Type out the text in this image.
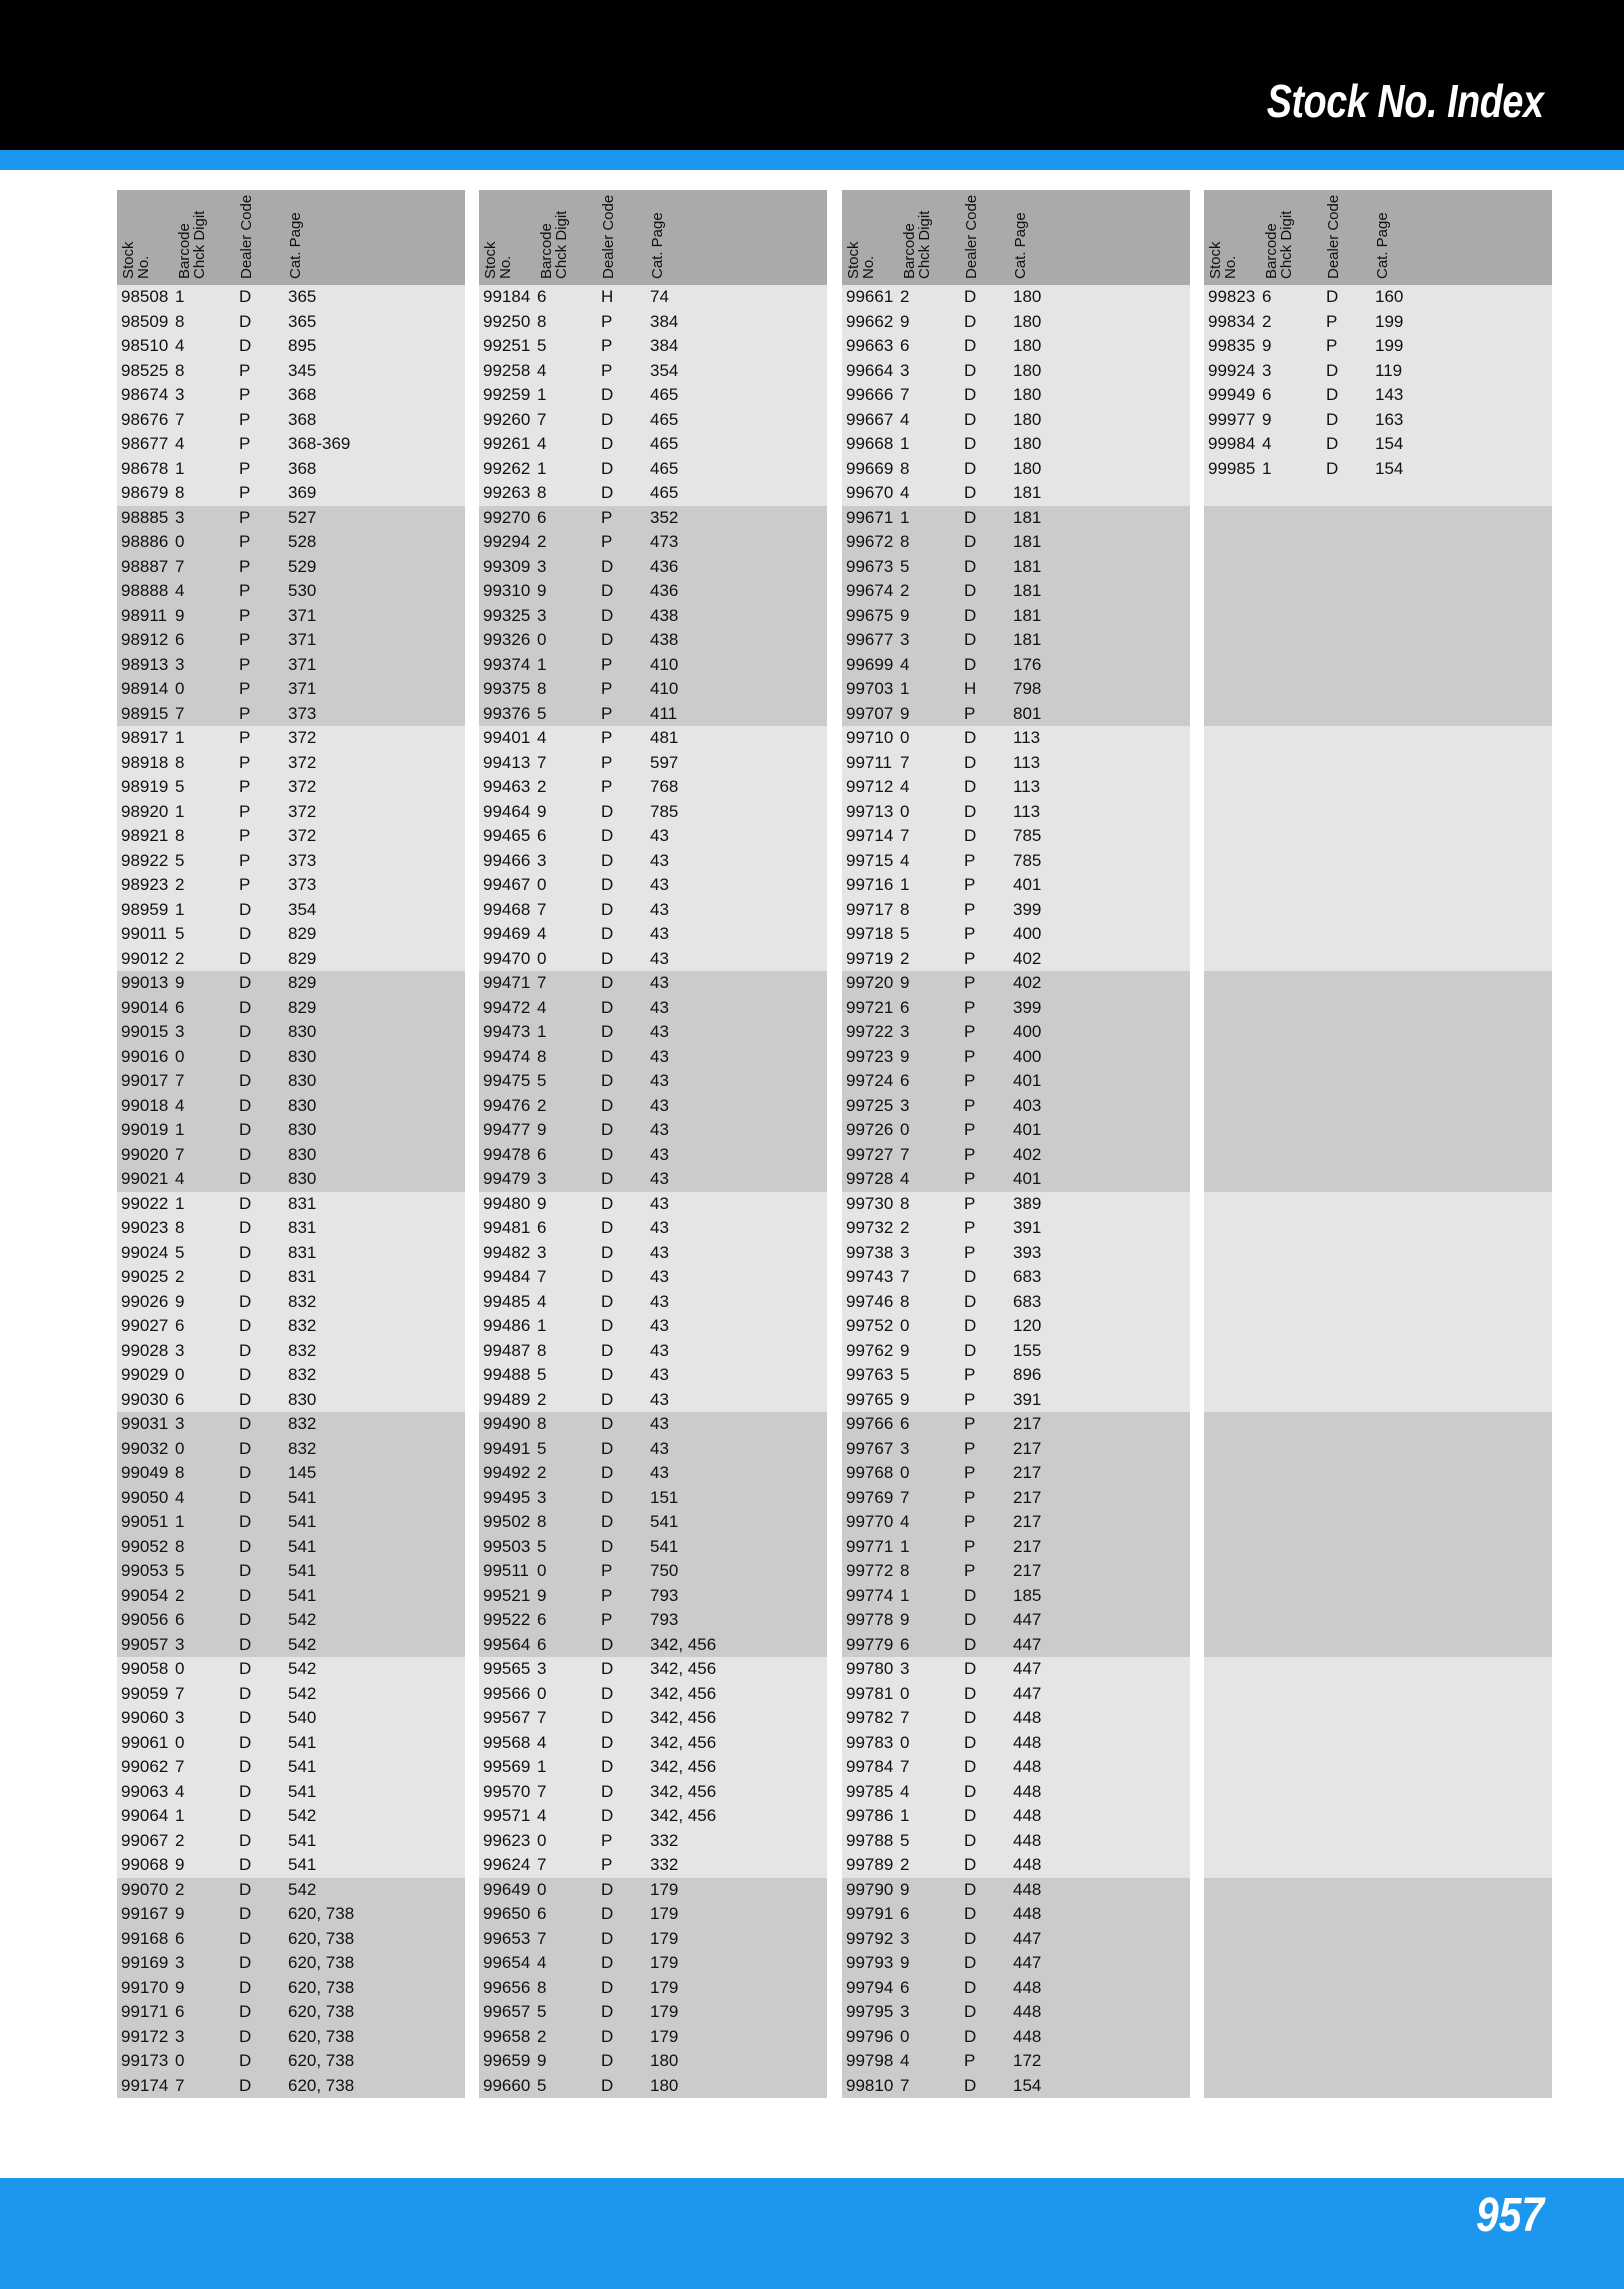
Stock No. Index
Stock
No. Barcode
Chck Digit Dealer Code Cat. Page
98508 1	D 365
98509 8	D 365
98510 4	D 895
98525 8	P 345
98674 3	P 368
98676 7	P 368
98677 4	P 368-369
98678 1	P 368
98679 8	P 369
98885 3	P 527
98886 0	P 528
98887 7	P 529
98888 4	P 530
98911 9	P 371
98912 6	P 371
98913 3	P 371
98914 0	P 371
98915 7	P 373
98917 1	P 372
98918 8	P 372
98919 5	P 372
98920 1	P 372
98921 8	P 372
98922 5	P 373
98923 2	P 373
98959 1	D 354
99011 5	D 829
99012 2	D 829
99013 9	D 829
99014 6	D 829
99015 3	D 830
99016 0	D 830
99017 7	D 830
99018 4	D 830
99019 1	D 830
99020 7	D 830
99021 4	D 830
99022 1	D 831
99023 8	D 831
99024 5	D 831
99025 2	D 831
99026 9	D 832
99027 6	D 832
99028 3	D 832
99029 0	D 832
99030 6	D 830
99031 3	D 832
99032 0	D 832
99049 8	D 145
99050 4	D 541
99051 1	D 541
99052 8	D 541
99053 5	D 541
99054 2	D 541
99056 6	D 542
99057 3	D 542
99058 0	D 542
99059 7	D 542
99060 3	D 540
99061 0	D 541
99062 7	D 541
99063 4	D 541
99064 1	D 542
99067 2	D 541
99068 9	D 541
99070 2	D 542
99167 9	D 620, 738
99168 6	D 620, 738
99169 3	D 620, 738
99170 9	D 620, 738
99171 6	D 620, 738
99172 3	D 620, 738
99173 0	D 620, 738
99174 7	D 620, 738
Stock
No. Barcode
Chck Digit Dealer Code Cat. Page
99184 6	H 74
99250 8	P 384
99251 5	P 384
99258 4	P 354
99259 1	D 465
99260 7	D 465
99261 4	D 465
99262 1	D 465
99263 8	D 465
99270 6	P 352
99294 2	P 473
99309 3	D 436
99310 9	D 436
99325 3	D 438
99326 0	D 438
99374 1	P 410
99375 8	P 410
99376 5	P 411
99401 4	P 481
99413 7	P 597
99463 2	P 768
99464 9	D 785
99465 6	D 43
99466 3	D 43
99467 0	D 43
99468 7	D 43
99469 4	D 43
99470 0	D 43
99471 7	D 43
99472 4	D 43
99473 1	D 43
99474 8	D 43
99475 5	D 43
99476 2	D 43
99477 9	D 43
99478 6	D 43
99479 3	D 43
99480 9	D 43
99481 6	D 43
99482 3	D 43
99484 7	D 43
99485 4	D 43
99486 1	D 43
99487 8	D 43
99488 5	D 43
99489 2	D 43
99490 8	D 43
99491 5	D 43
99492 2	D 43
99495 3	D 151
99502 8	D 541
99503 5	D 541
99511 0	P 750
99521 9	P 793
99522 6	P 793
99564 6	D 342, 456
99565 3	D 342, 456
99566 0	D 342, 456
99567 7	D 342, 456
99568 4	D 342, 456
99569 1	D 342, 456
99570 7	D 342, 456
99571 4	D 342, 456
99623 0	P 332
99624 7	P 332
99649 0	D 179
99650 6	D 179
99653 7	D 179
99654 4	D 179
99656 8	D 179
99657 5	D 179
99658 2	D 179
99659 9	D 180
99660 5	D 180
Stock
No. Barcode
Chck Digit Dealer Code Cat. Page
99661 2	D 180
99662 9	D 180
99663 6	D 180
99664 3	D 180
99666 7	D 180
99667 4	D 180
99668 1	D 180
99669 8	D 180
99670 4	D 181
99671 1	D 181
99672 8	D 181
99673 5	D 181
99674 2	D 181
99675 9	D 181
99677 3	D 181
99699 4	D 176
99703 1	H 798
99707 9	P 801
99710 0	D 113
99711 7	D 113
99712 4	D 113
99713 0	D 113
99714 7	D 785
99715 4	P 785
99716 1	P 401
99717 8	P 399
99718 5	P 400
99719 2	P 402
99720 9	P 402
99721 6	P 399
99722 3	P 400
99723 9	P 400
99724 6	P 401
99725 3	P 403
99726 0	P 401
99727 7	P 402
99728 4	P 401
99730 8	P 389
99732 2	P 391
99738 3	P 393
99743 7	D 683
99746 8	D 683
99752 0	D 120
99762 9	D 155
99763 5	P 896
99765 9	P 391
99766 6	P 217
99767 3	P 217
99768 0	P 217
99769 7	P 217
99770 4	P 217
99771 1	P 217
99772 8	P 217
99774 1	D 185
99778 9	D 447
99779 6	D 447
99780 3	D 447
99781 0	D 447
99782 7	D 448
99783 0	D 448
99784 7	D 448
99785 4	D 448
99786 1	D 448
99788 5	D 448
99789 2	D 448
99790 9	D 448
99791 6	D 448
99792 3	D 447
99793 9	D 447
99794 6	D 448
99795 3	D 448
99796 0	D 448
99798 4	P 172
99810 7	D 154
Stock
No. Barcode
Chck Digit Dealer Code Cat. Page
99823 6	D 160
99834 2	P 199
99835 9	P 199
99924 3	D 119
99949 6	D 143
99977 9	D 163
99984 4	D 154
99985 1	D 154
957
